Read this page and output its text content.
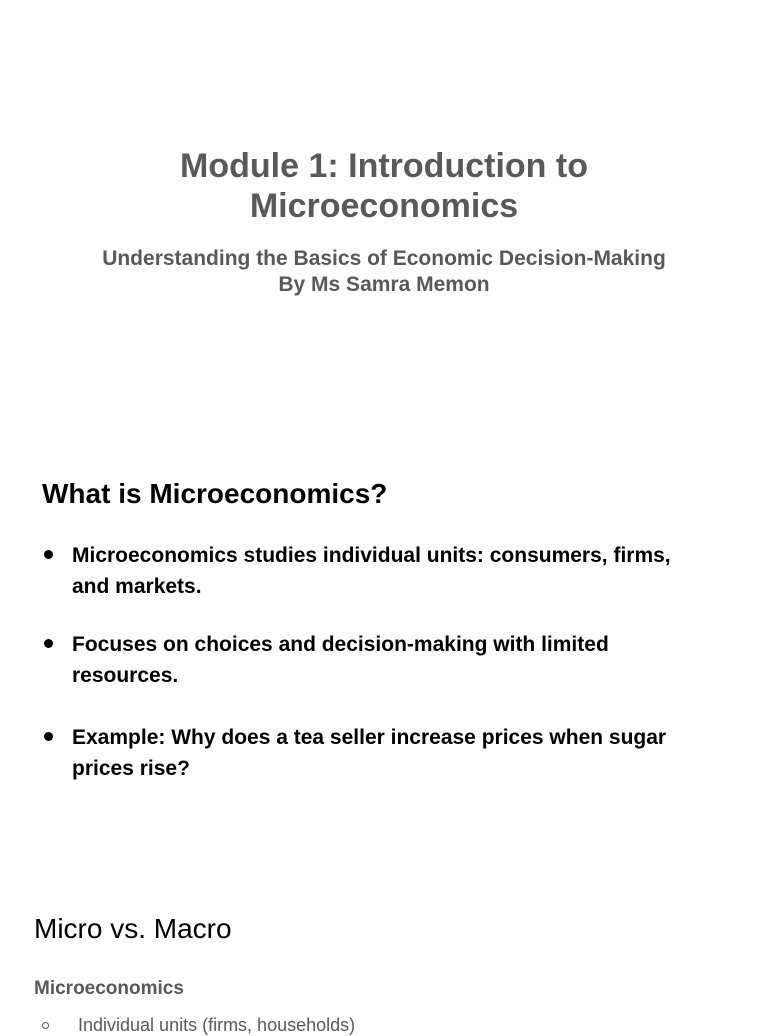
Module 1: Introduction to
Microeconomics

Understanding the Basics of Economic Decision-Making
By Ms Samra Memon

What is Microeconomics?
Microeconomics studies individual units: consumers, firms,
and markets.
Focuses on choices and decision-making with limited
resources.
Example: Why does a tea seller increase prices when sugar
prices rise?
Micro vs. Macro
Microeconomics
Individual units (firms, households)
